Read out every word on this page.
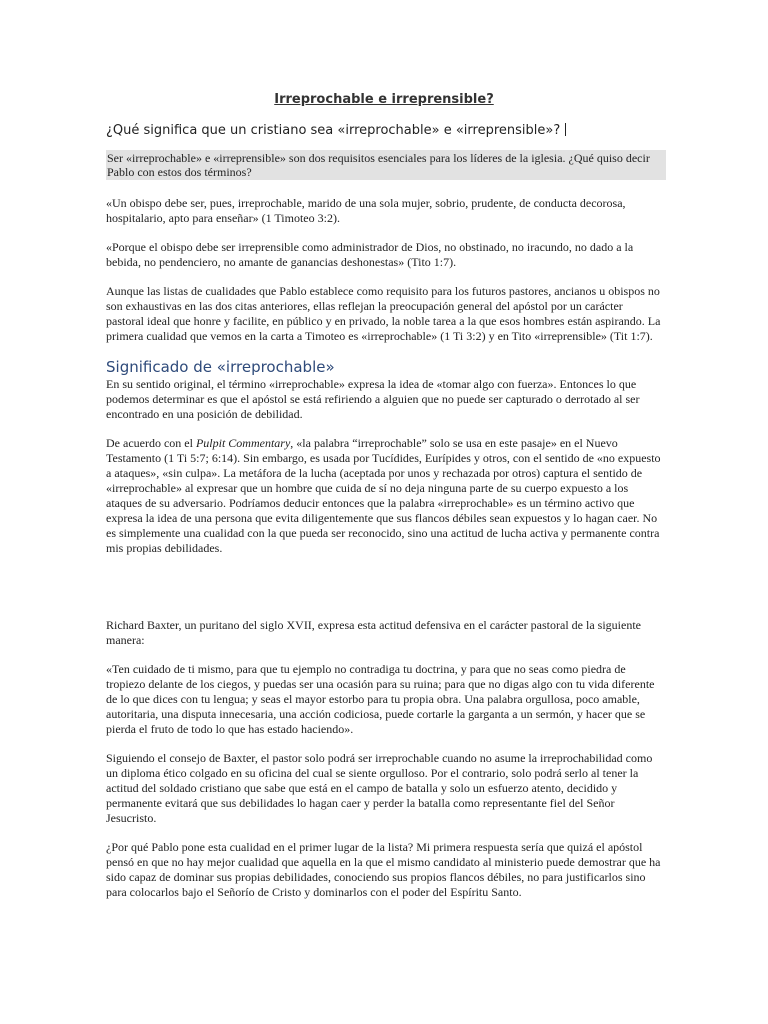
Irreprochable e irreprensible?
¿Qué significa que un cristiano sea «irreprochable» e «irreprensible»?
Ser «irreprochable» e «irreprensible» son dos requisitos esenciales para los líderes de la iglesia. ¿Qué quiso decir Pablo con estos dos términos?

«Un obispo debe ser, pues, irreprochable, marido de una sola mujer, sobrio, prudente, de conducta decorosa, hospitalario, apto para enseñar» (1 Timoteo 3:2).

«Porque el obispo debe ser irreprensible como administrador de Dios, no obstinado, no iracundo, no dado a la bebida, no pendenciero, no amante de ganancias deshonestas» (Tito 1:7).

Aunque las listas de cualidades que Pablo establece como requisito para los futuros pastores, ancianos u obispos no son exhaustivas en las dos citas anteriores, ellas reflejan la preocupación general del apóstol por un carácter pastoral ideal que honre y facilite, en público y en privado, la noble tarea a la que esos hombres están aspirando. La primera cualidad que vemos en la carta a Timoteo es «irreprochable» (1 Ti 3:2) y en Tito «irreprensible» (Tit 1:7).

Significado de «irreprochable»

En su sentido original, el término «irreprochable» expresa la idea de «tomar algo con fuerza». Entonces lo que podemos determinar es que el apóstol se está refiriendo a alguien que no puede ser capturado o derrotado al ser encontrado en una posición de debilidad.

De acuerdo con el Pulpit Commentary, «la palabra “irreprochable” solo se usa en este pasaje» en el Nuevo Testamento (1 Ti 5:7; 6:14). Sin embargo, es usada por Tucídides, Eurípides y otros, con el sentido de «no expuesto a ataques», «sin culpa». La metáfora de la lucha (aceptada por unos y rechazada por otros) captura el sentido de «irreprochable» al expresar que un hombre que cuida de sí no deja ninguna parte de su cuerpo expuesto a los ataques de su adversario. Podríamos deducir entonces que la palabra «irreprochable» es un término activo que expresa la idea de una persona que evita diligentemente que sus flancos débiles sean expuestos y lo hagan caer. No es simplemente una cualidad con la que pueda ser reconocido, sino una actitud de lucha activa y permanente contra mis propias debilidades.

Richard Baxter, un puritano del siglo XVII, expresa esta actitud defensiva en el carácter pastoral de la siguiente manera:

«Ten cuidado de ti mismo, para que tu ejemplo no contradiga tu doctrina, y para que no seas como piedra de tropiezo delante de los ciegos, y puedas ser una ocasión para su ruina; para que no digas algo con tu vida diferente de lo que dices con tu lengua; y seas el mayor estorbo para tu propia obra. Una palabra orgullosa, poco amable, autoritaria, una disputa innecesaria, una acción codiciosa, puede cortarle la garganta a un sermón, y hacer que se pierda el fruto de todo lo que has estado haciendo».

Siguiendo el consejo de Baxter, el pastor solo podrá ser irreprochable cuando no asume la irreprochabilidad como un diploma ético colgado en su oficina del cual se siente orgulloso. Por el contrario, solo podrá serlo al tener la actitud del soldado cristiano que sabe que está en el campo de batalla y solo un esfuerzo atento, decidido y permanente evitará que sus debilidades lo hagan caer y perder la batalla como representante fiel del Señor Jesucristo.

¿Por qué Pablo pone esta cualidad en el primer lugar de la lista? Mi primera respuesta sería que quizá el apóstol pensó en que no hay mejor cualidad que aquella en la que el mismo candidato al ministerio puede demostrar que ha sido capaz de dominar sus propias debilidades, conociendo sus propios flancos débiles, no para justificarlos sino para colocarlos bajo el Señorío de Cristo y dominarlos con el poder del Espíritu Santo.
